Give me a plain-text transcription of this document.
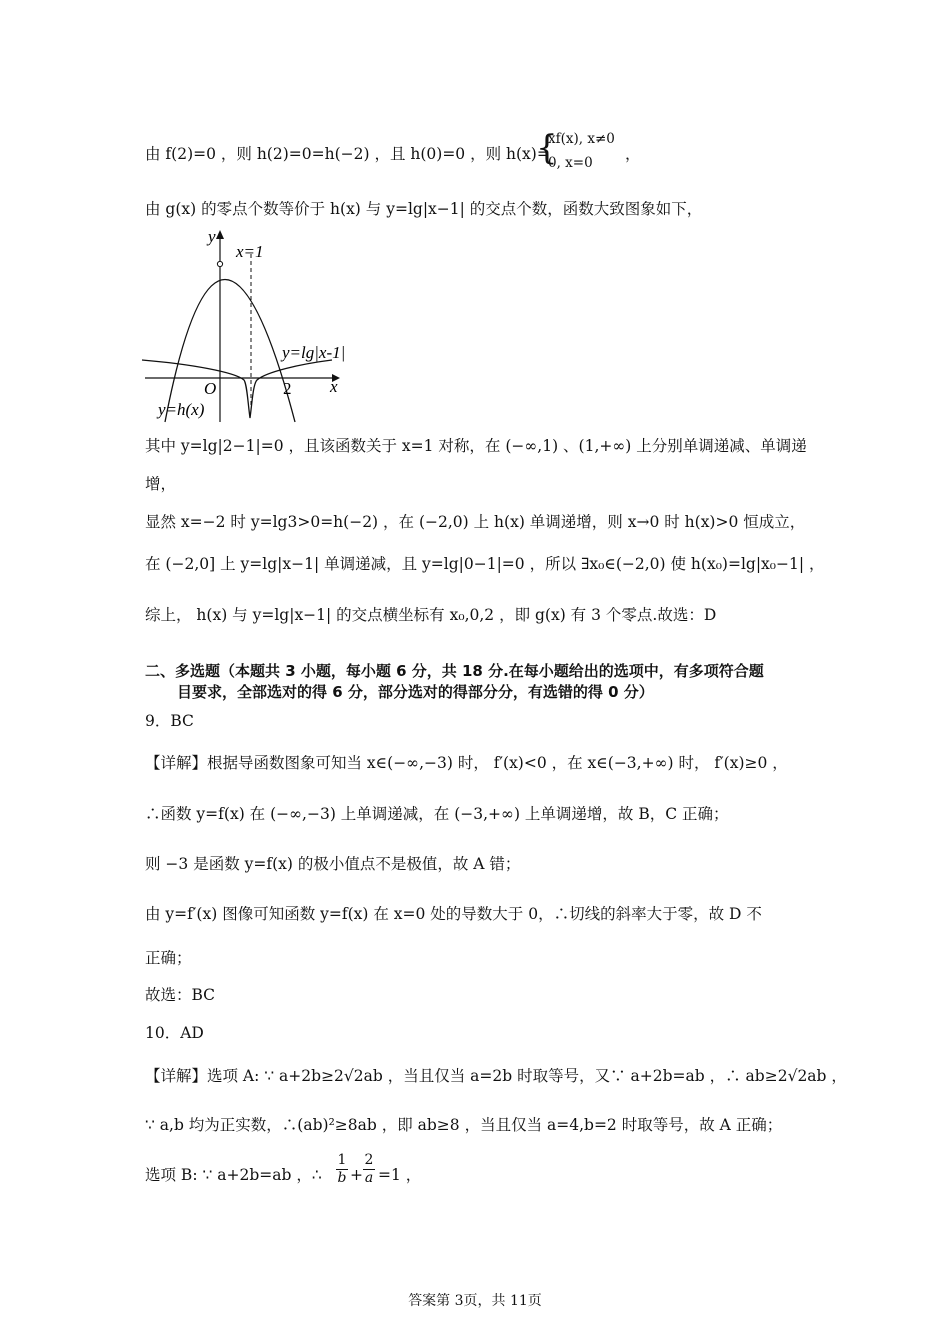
由 f(2)=0 ，则 h(2)=0=h(−2) ，且 h(0)=0 ，则 h(x)=
{
xf(x), x≠0
0, x=0 ，
由 g(x) 的零点个数等价于 h(x) 与 y=lg|x−1| 的交点个数，函数大致图象如下，
y
x
O	2
x=1
y=lg|x-1|
y=h(x)
其中 y=lg|2−1|=0 ，且该函数关于 x=1 对称，在 (−∞,1) 、(1,+∞) 上分别单调递减、单调递
增，
显然 x=−2 时 y=lg3>0=h(−2) ，在 (−2,0) 上 h(x) 单调递增，则 x→0 时 h(x)>0 恒成立，
在 (−2,0] 上 y=lg|x−1| 单调递减，且 y=lg|0−1|=0 ，所以 ∃x₀∈(−2,0) 使 h(x₀)=lg|x₀−1| ，
综上， h(x) 与 y=lg|x−1| 的交点横坐标有 x₀,0,2 ，即 g(x) 有 3 个零点.故选：D
二、多选题（本题共 3 小题，每小题 6 分，共 18 分.在每小题给出的选项中，有多项符合题
目要求，全部选对的得 6 分，部分选对的得部分分，有选错的得 0 分）
9．BC
【详解】根据导函数图象可知当 x∈(−∞,−3) 时， f′(x)<0 ，在 x∈(−3,+∞) 时， f′(x)≥0 ，
∴函数 y=f(x) 在 (−∞,−3) 上单调递减，在 (−3,+∞) 上单调递增，故 B，C 正确；
则 −3 是函数 y=f(x) 的极小值点不是极值，故 A 错；
由 y=f′(x) 图像可知函数 y=f(x) 在 x=0 处的导数大于 0，∴切线的斜率大于零，故 D 不
正确；
故选：BC
10．AD
【详解】选项 A: ∵ a+2b≥2√2ab ，当且仅当 a=2b 时取等号，又∵ a+2b=ab ，∴ ab≥2√2ab ，
∵ a,b 均为正实数，∴(ab)²≥8ab ，即 ab≥8 ，当且仅当 a=4,b=2 时取等号，故 A 正确；
选项 B: ∵ a+2b=ab ，∴ $\frac{1}{b} + \frac{2}{a} =1$ ，
答案第 3页，共 11页
